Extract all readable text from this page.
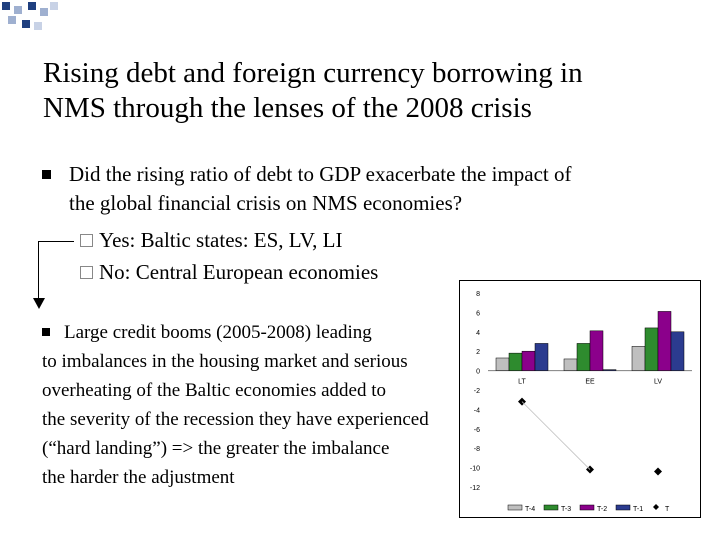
Rising debt and foreign currency borrowing in
NMS through the lenses of the 2008 crisis
Did the rising ratio of debt to GDP exacerbate the impact of
the global financial crisis on NMS economies?
Yes: Baltic states: ES, LV, LI
No: Central European economies
Large credit booms (2005-2008) leading
to imbalances in the housing market and serious
overheating of the Baltic economies added to
the severity of the recession they have experienced
(“hard landing”) => the greater the imbalance
the harder the adjustment
8
6
4
2
0
-2
-4
-6
-8
-10
-12
LT	EE	LV
T-4	T-3	T-2	T-1	T
